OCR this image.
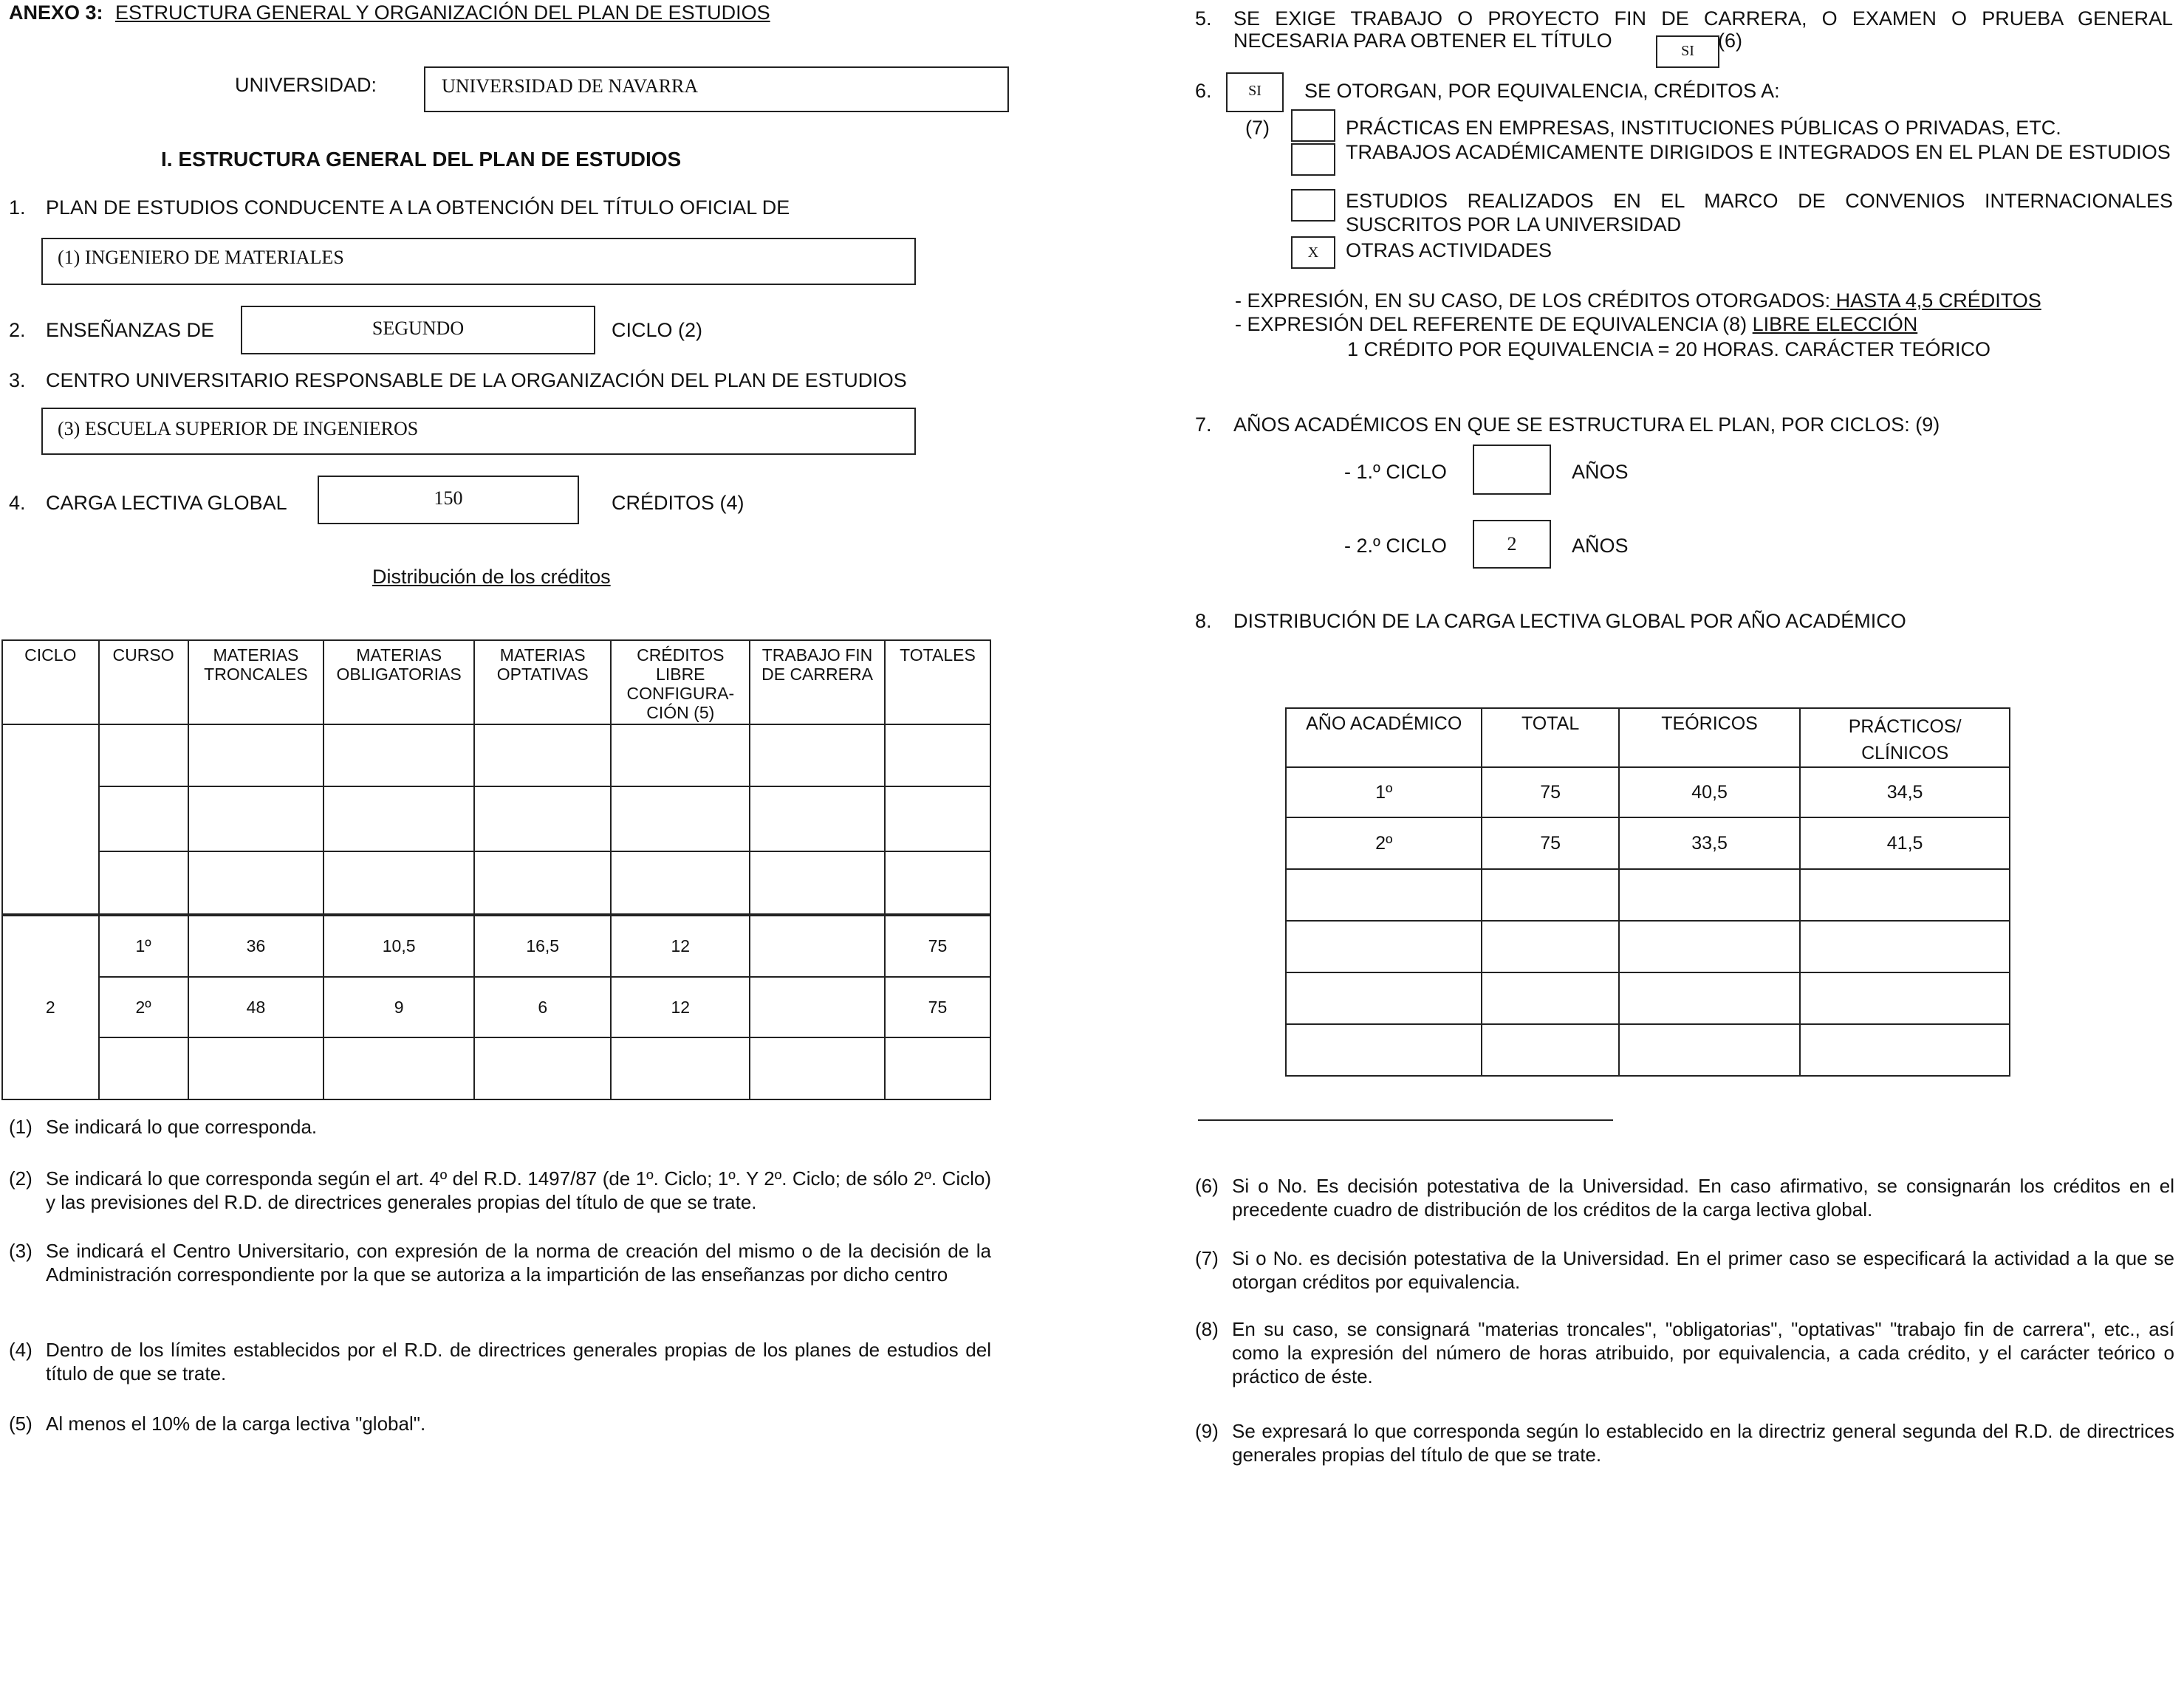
ANEXO 3: ESTRUCTURA GENERAL Y ORGANIZACIÓN DEL PLAN DE ESTUDIOS
UNIVERSIDAD:	UNIVERSIDAD DE NAVARRA
I. ESTRUCTURA GENERAL DEL PLAN DE ESTUDIOS
1. PLAN DE ESTUDIOS CONDUCENTE A LA OBTENCIÓN DEL TÍTULO OFICIAL DE
(1) INGENIERO DE MATERIALES
2. ENSEÑANZAS DE	SEGUNDO	CICLO (2)
3. CENTRO UNIVERSITARIO RESPONSABLE DE LA ORGANIZACIÓN DEL PLAN DE ESTUDIOS
(3) ESCUELA SUPERIOR DE INGENIEROS
4. CARGA LECTIVA GLOBAL	150	CRÉDITOS (4)
Distribución de los créditos
CICLO	CURSO	MATERIAS TRONCALES	MATERIAS OBLIGATORIAS	MATERIAS OPTATIVAS	CRÉDITOS LIBRE CONFIGURA-CIÓN (5)	TRABAJO FIN DE CARRERA	TOTALES

2	1º	36	10,5	16,5	12		75
	2º	48	9	6	12		75

(1) Se indicará lo que corresponda.
(2) Se indicará lo que corresponda según el art. 4º del R.D. 1497/87 (de 1º. Ciclo; 1º. Y 2º. Ciclo; de sólo 2º. Ciclo) y las previsiones del R.D. de directrices generales propias del título de que se trate.
(3) Se indicará el Centro Universitario, con expresión de la norma de creación del mismo o de la decisión de la Administración correspondiente por la que se autoriza a la impartición de las enseñanzas por dicho centro
(4) Dentro de los límites establecidos por el R.D. de directrices generales propias de los planes de estudios del título de que se trate.
(5) Al menos el 10% de la carga lectiva "global".
5. SE EXIGE TRABAJO O PROYECTO FIN DE CARRERA, O EXAMEN O PRUEBA GENERAL
NECESARIA PARA OBTENER EL TÍTULO	SI	(6)
6.	SI	SE OTORGAN, POR EQUIVALENCIA, CRÉDITOS A:
(7)	PRÁCTICAS EN EMPRESAS, INSTITUCIONES PÚBLICAS O PRIVADAS, ETC.
TRABAJOS ACADÉMICAMENTE DIRIGIDOS E INTEGRADOS EN EL PLAN DE ESTUDIOS
ESTUDIOS REALIZADOS EN EL MARCO DE CONVENIOS INTERNACIONALES SUSCRITOS POR LA UNIVERSIDAD
X	OTRAS ACTIVIDADES
- EXPRESIÓN, EN SU CASO, DE LOS CRÉDITOS OTORGADOS: HASTA 4,5 CRÉDITOS
- EXPRESIÓN DEL REFERENTE DE EQUIVALENCIA (8) LIBRE ELECCIÓN
1 CRÉDITO POR EQUIVALENCIA = 20 HORAS. CARÁCTER TEÓRICO
7. AÑOS ACADÉMICOS EN QUE SE ESTRUCTURA EL PLAN, POR CICLOS: (9)
- 1.º CICLO	AÑOS
- 2.º CICLO	2	AÑOS
8. DISTRIBUCIÓN DE LA CARGA LECTIVA GLOBAL POR AÑO ACADÉMICO
AÑO ACADÉMICO	TOTAL	TEÓRICOS	PRÁCTICOS/ CLÍNICOS
1º	75	40,5	34,5
2º	75	33,5	41,5

(6) Si o No. Es decisión potestativa de la Universidad. En caso afirmativo, se consignarán los créditos en el precedente cuadro de distribución de los créditos de la carga lectiva global.
(7) Si o No. es decisión potestativa de la Universidad. En el primer caso se especificará la actividad a la que se otorgan créditos por equivalencia.
(8) En su caso, se consignará "materias troncales", "obligatorias", "optativas" "trabajo fin de carrera", etc., así como la expresión del número de horas atribuido, por equivalencia, a cada crédito, y el carácter teórico o práctico de éste.
(9) Se expresará lo que corresponda según lo establecido en la directriz general segunda del R.D. de directrices generales propias del título de que se trate.
